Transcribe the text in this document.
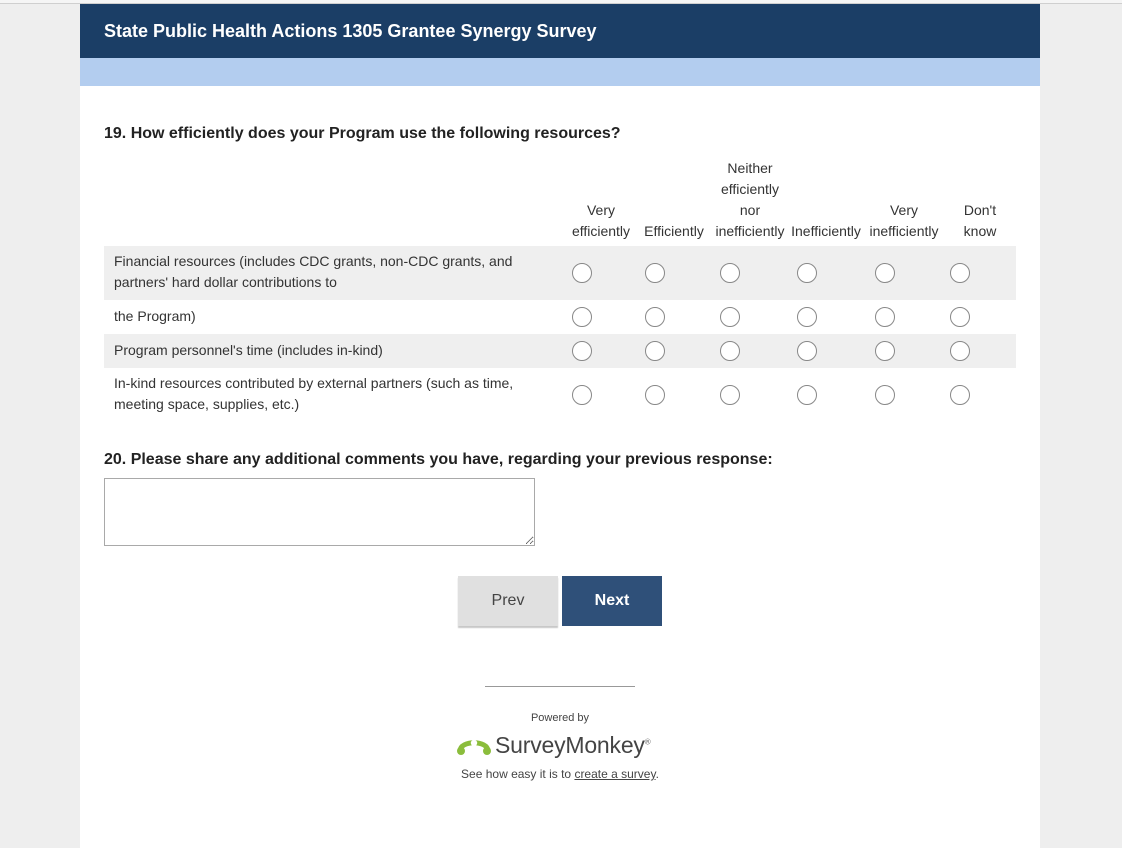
State Public Health Actions 1305 Grantee Synergy Survey
19. How efficiently does your Program use the following resources?
Very
efficiently	Efficiently
Neither
efficiently
nor
inefficiently Inefficiently
Very
inefficiently
Don't
know
Financial resources (includes CDC grants, non-CDC grants, and partners' hard dollar contributions to
the Program)
Program personnel's time (includes in-kind)
In-kind resources contributed by external partners (such as time, meeting space, supplies, etc.)
20. Please share any additional comments you have, regarding your previous response:
Prev	Next
Powered by
SurveyMonkey®
See how easy it is to create a survey.
